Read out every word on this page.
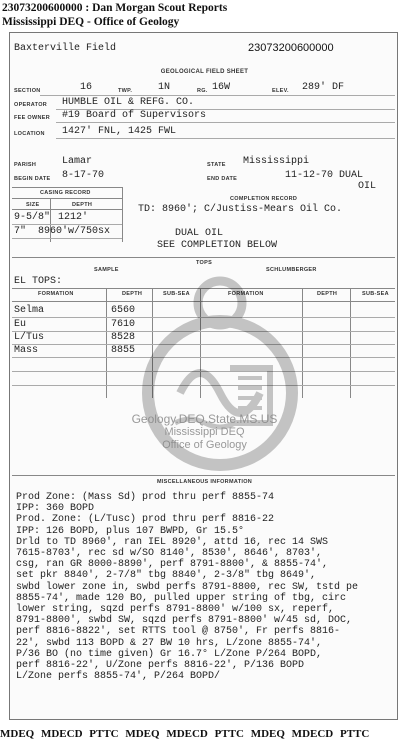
23073200600000 : Dan Morgan Scout Reports
Mississippi DEQ - Office of Geology
Baxterville Field	23073200600000
GEOLOGICAL FIELD SHEET
SECTION	16	TWP.	1N	RG. 16W	ELEV. 289' DF
OPERATOR HUMBLE OIL & REFG. CO.
FEE OWNER #19 Board of Supervisors
LOCATION 1427' FNL, 1425 FWL
PARISH	Lamar	STATE Mississippi
BEGIN DATE 8-17-70	END DATE	11-12-70 DUAL
OIL
CASING RECORD
SIZE	DEPTH
9-5/8" 1212'
7" 8960'w/750sx
COMPLETION RECORD
TD: 8960'; C/Justiss-Mears Oil Co.
DUAL OIL
SEE COMPLETION BELOW
TOPS
SAMPLE	SCHLUMBERGER
EL TOPS:
FORMATION	DEPTH	SUB-SEA	FORMATION	DEPTH	SUB-SEA
Selma	6560
Eu	7610
L/Tus	8528
Mass	8855
Geology.DEQ.State.MS.US
Mississippi DEQ
Office of Geology
MISCELLANEOUS INFORMATION
Prod Zone: (Mass Sd) prod thru perf 8855-74
IPP: 360 BOPD
Prod. Zone: (L/Tusc) prod thru perf 8816-22
IPP: 126 BOPD, plus 107 BWPD, Gr 15.5°
Drld to TD 8960', ran IEL 8920', attd 16, rec 14 SWS
7615-8703', rec sd w/SO 8140', 8530', 8646', 8703',
csg, ran GR 8000-8890', perf 8791-8800', & 8855-74',
set pkr 8840', 2-7/8" tbg 8840', 2-3/8" tbg 8649',
swbd lower zone in, swbd perfs 8791-8800, rec SW, tstd pe
8855-74', made 120 BO, pulled upper string of tbg, circ
lower string, sqzd perfs 8791-8800' w/100 sx, reperf,
8791-8800', swbd SW, sqzd perfs 8791-8800' w/45 sd, DOC,
perf 8816-8822', set RTTS tool @ 8750', Fr perfs 8816-
22', swbd 113 BOPD & 27 BW 10 hrs, L/zone 8855-74',
P/36 BO (no time given) Gr 16.7° L/Zone P/264 BOPD,
perf 8816-22', U/Zone perfs 8816-22', P/136 BOPD
L/Zone perfs 8855-74', P/264 BOPD/
MDEQ MDECD PTTC MDEQ MDECD PTTC MDEQ MDECD PTTC
